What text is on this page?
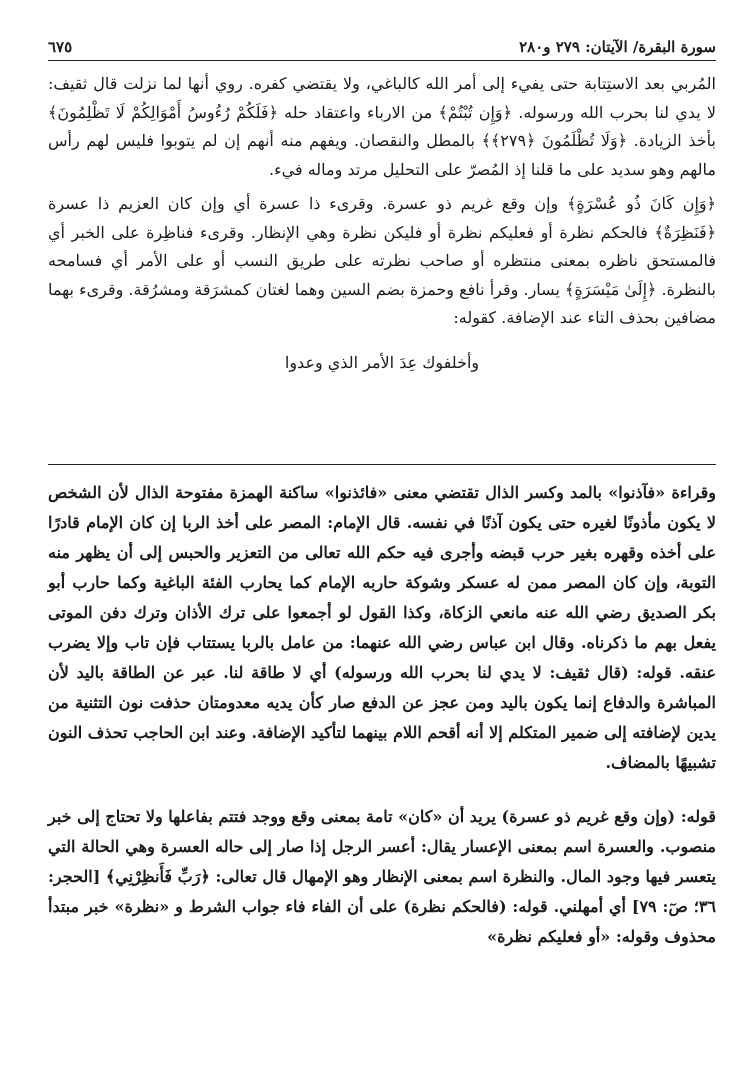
سورة البقرة/ الآيتان: ٢٧٩ و٢٨٠
٦٧٥

المُربي بعد الاستِتابة حتى يفيء إلى أمر الله كالباغي، ولا يقتضي كفره. روي أنها لما نزلت قال ثقيف: لا يدي لنا بحرب الله ورسوله. ﴿وَإِن تُبْتُمْ﴾ من الارباء واعتقاد حله ﴿فَلَكُمْ رُءُوسُ أَمْوَالِكُمْ لَا تَظْلِمُونَ﴾ بأخذ الزيادة. ﴿وَلَا تُظْلَمُونَ ﴿٢٧٩﴾﴾ بالمطل والنقصان. ويفهم منه أنهم إن لم يتوبوا فليس لهم رأس مالهم وهو سديد على ما قلنا إذ المُصرّ على التحليل مرتد وماله فيء.

﴿وَإِن كَانَ ذُو عُسْرَةٍ﴾ وإن وقع غريم ذو عسرة. وقرىء ذا عسرة أي وإن كان العزيم ذا عسرة ﴿فَنَظِرَةٌ﴾ فالحكم نظرة أو فعليكم نظرة أو فليكن نظرة وهي الإنظار. وقرىء فناظِرة على الخبر أي فالمستحق ناظره بمعنى منتظره أو صاحب نظرته على طريق النسب أو على الأمر أي فسامحه بالنظرة. ﴿إِلَىٰ مَيْسَرَةٍ﴾ يسار. وقرأ نافع وحمزة بضم السين وهما لغتان كمشرَقة ومشرُقة. وقرىء بهما مضافين بحذف التاء عند الإضافة. كقوله:

وأخلفوك عِدَ الأمر الذي وعدوا

وقراءة «فآذنوا» بالمد وكسر الذال تقتضي معنى «فائذنوا» ساكنة الهمزة مفتوحة الذال لأن الشخص لا يكون مأذونًا لغيره حتى يكون آذنًا في نفسه. قال الإمام: المصر على أخذ الربا إن كان الإمام قادرًا على أخذه وقهره بغير حرب قبضه وأجرى فيه حكم الله تعالى من التعزير والحبس إلى أن يظهر منه التوبة، وإن كان المصر ممن له عسكر وشوكة حاربه الإمام كما يحارب الفئة الباغية وكما حارب أبو بكر الصديق رضي الله عنه مانعي الزكاة، وكذا القول لو أجمعوا على ترك الأذان وترك دفن الموتى يفعل بهم ما ذكرناه. وقال ابن عباس رضي الله عنهما: من عامل بالربا يستتاب فإن تاب وإلا يضرب عنقه. قوله: (قال ثقيف: لا يدي لنا بحرب الله ورسوله) أي لا طاقة لنا. عبر عن الطاقة باليد لأن المباشرة والدفاع إنما يكون باليد ومن عجز عن الدفع صار كأن يديه معدومتان حذفت نون التثنية من يدين لإضافته إلى ضمير المتكلم إلا أنه أقحم اللام بينهما لتأكيد الإضافة. وعند ابن الحاجب تحذف النون تشبيهًا بالمضاف.

قوله: (وإن وقع غريم ذو عسرة) يريد أن «كان» تامة بمعنى وقع ووجد فتتم بفاعلها ولا تحتاج إلى خبر منصوب. والعسرة اسم بمعنى الإعسار يقال: أعسر الرجل إذا صار إلى حاله العسرة وهي الحالة التي يتعسر فيها وجود المال. والنظرة اسم بمعنى الإنظار وهو الإمهال قال تعالى: ﴿رَبِّ فَأَنظِرْنِي﴾ [الحجر: ٣٦؛ صٓ: ٧٩] أي أمهلني. قوله: (فالحكم نظرة) على أن الفاء فاء جواب الشرط و «نظرة» خبر مبتدأ محذوف وقوله: «أو فعليكم نظرة»
